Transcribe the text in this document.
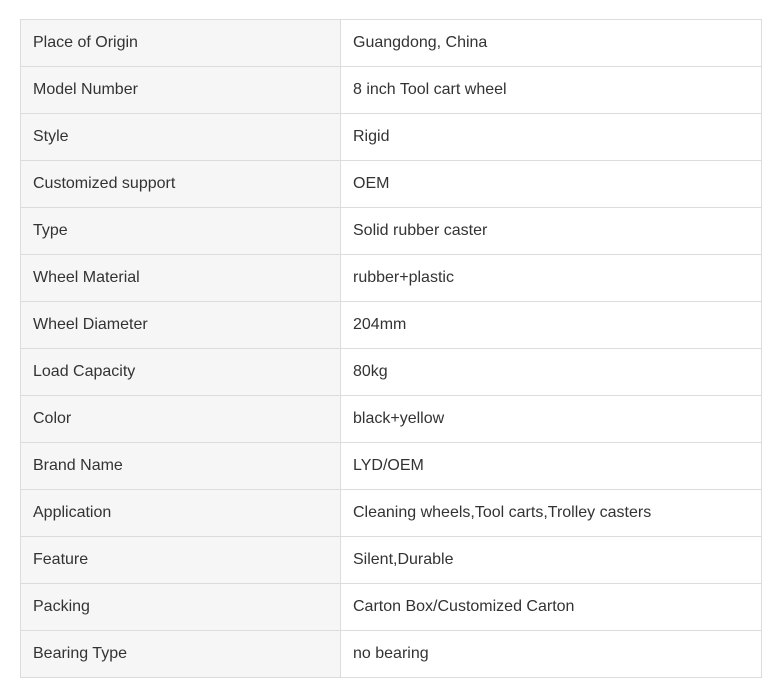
Place of Origin	Guangdong, China
Model Number	8 inch Tool cart wheel
Style	Rigid
Customized support	OEM
Type	Solid rubber caster
Wheel Material	rubber+plastic
Wheel Diameter	204mm
Load Capacity	80kg
Color	black+yellow
Brand Name	LYD/OEM
Application	Cleaning wheels,Tool carts,Trolley casters
Feature	Silent,Durable
Packing	Carton Box/Customized Carton
Bearing Type	no bearing
